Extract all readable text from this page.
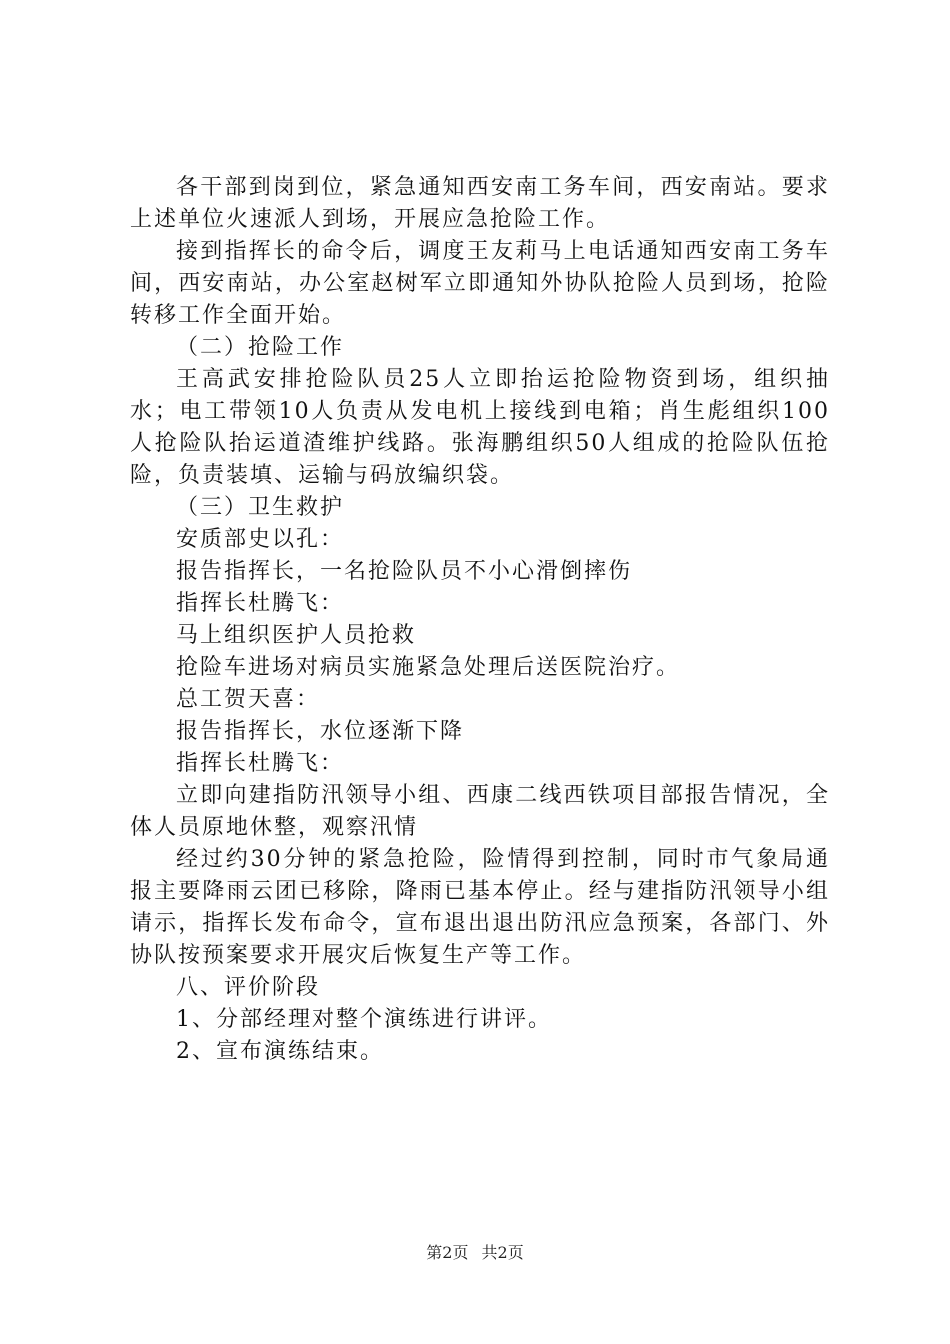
各干部到岗到位，紧急通知西安南工务车间，西安南站。要求上述单位火速派人到场，开展应急抢险工作。

接到指挥长的命令后，调度王友莉马上电话通知西安南工务车间，西安南站，办公室赵树军立即通知外协队抢险人员到场，抢险转移工作全面开始。

（二）抢险工作

王高武安排抢险队员25人立即抬运抢险物资到场，组织抽水；电工带领10人负责从发电机上接线到电箱；肖生彪组织100人抢险队抬运道渣维护线路。张海鹏组织50人组成的抢险队伍抢险，负责装填、运输与码放编织袋。

（三）卫生救护

安质部史以孔：

报告指挥长，一名抢险队员不小心滑倒摔伤

指挥长杜腾飞：

马上组织医护人员抢救

抢险车进场对病员实施紧急处理后送医院治疗。

总工贺天喜：

报告指挥长，水位逐渐下降

指挥长杜腾飞：

立即向建指防汛领导小组、西康二线西铁项目部报告情况，全体人员原地休整，观察汛情

经过约30分钟的紧急抢险，险情得到控制，同时市气象局通报主要降雨云团已移除，降雨已基本停止。经与建指防汛领导小组请示，指挥长发布命令，宣布退出退出防汛应急预案，各部门、外协队按预案要求开展灾后恢复生产等工作。

八、评价阶段

1、分部经理对整个演练进行讲评。

2、宣布演练结束。

第2页 共2页
